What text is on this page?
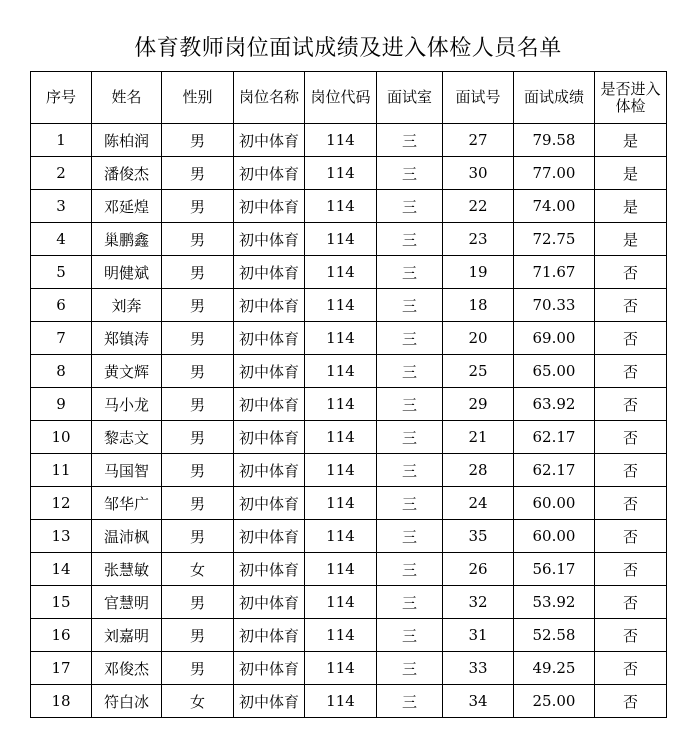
体育教师岗位面试成绩及进入体检人员名单
序号	姓名	性别	岗位名称	岗位代码	面试室	面试号	面试成绩	是否进入体检
1	陈柏润	男	初中体育	114	三	27	79.58	是
2	潘俊杰	男	初中体育	114	三	30	77.00	是
3	邓延煌	男	初中体育	114	三	22	74.00	是
4	巢鹏鑫	男	初中体育	114	三	23	72.75	是
5	明健斌	男	初中体育	114	三	19	71.67	否
6	刘奔	男	初中体育	114	三	18	70.33	否
7	郑镇涛	男	初中体育	114	三	20	69.00	否
8	黄文辉	男	初中体育	114	三	25	65.00	否
9	马小龙	男	初中体育	114	三	29	63.92	否
10	黎志文	男	初中体育	114	三	21	62.17	否
11	马国智	男	初中体育	114	三	28	62.17	否
12	邹华广	男	初中体育	114	三	24	60.00	否
13	温沛枫	男	初中体育	114	三	35	60.00	否
14	张慧敏	女	初中体育	114	三	26	56.17	否
15	官慧明	男	初中体育	114	三	32	53.92	否
16	刘嘉明	男	初中体育	114	三	31	52.58	否
17	邓俊杰	男	初中体育	114	三	33	49.25	否
18	符白冰	女	初中体育	114	三	34	25.00	否
